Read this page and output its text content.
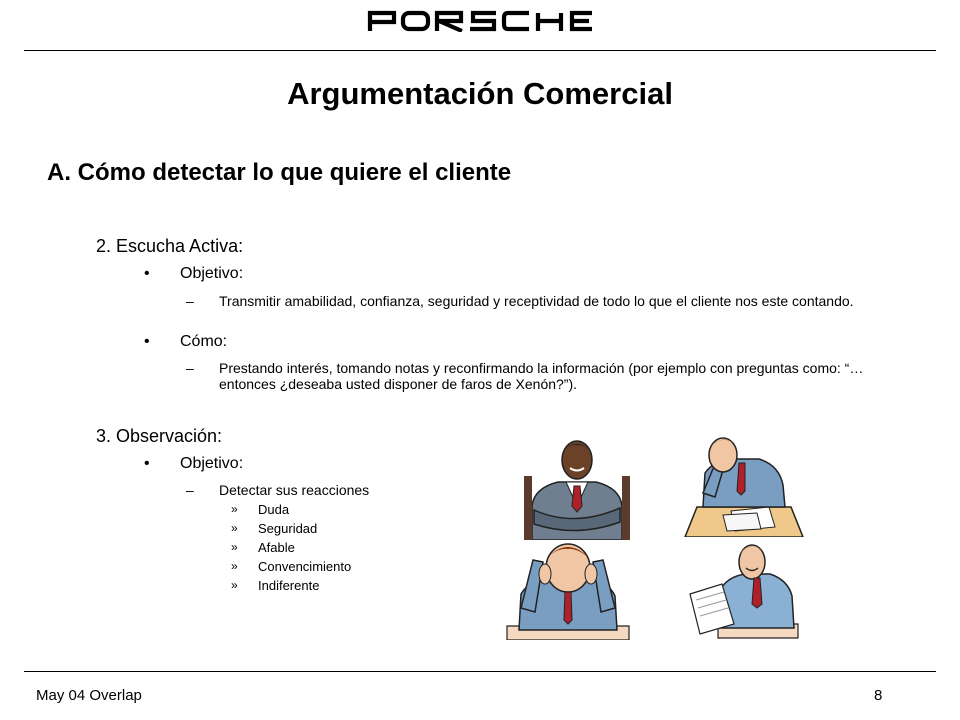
Argumentación Comercial
A. Cómo detectar lo que quiere el cliente
2. Escucha Activa:
• Objetivo:
– Transmitir amabilidad, confianza, seguridad y receptividad de todo lo que el cliente nos este contando.
• Cómo:
– Prestando interés, tomando notas y reconfirmando la información (por ejemplo con preguntas como: “…entonces ¿deseaba usted disponer de faros de Xenón?”).
3. Observación:
• Objetivo:
– Detectar sus reacciones
» Duda
» Seguridad
» Afable
» Convencimiento
» Indiferente
May 04 Overlap	8
